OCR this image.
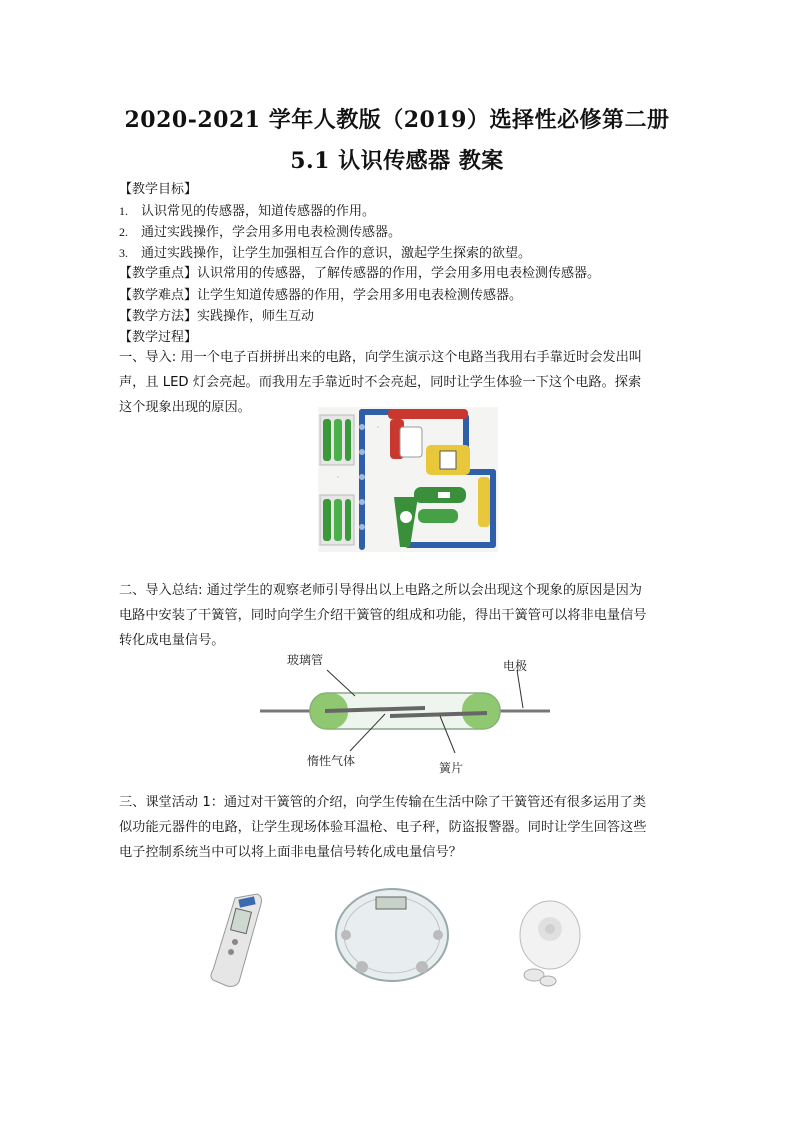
2020-2021 学年人教版（2019）选择性必修第二册
5.1 认识传感器 教案
【教学目标】
1. 认识常见的传感器，知道传感器的作用。
2. 通过实践操作，学会用多用电表检测传感器。
3. 通过实践操作，让学生加强相互合作的意识，激起学生探索的欲望。
【教学重点】认识常用的传感器，了解传感器的作用，学会用多用电表检测传感器。
【教学难点】让学生知道传感器的作用，学会用多用电表检测传感器。
【教学方法】实践操作，师生互动
【教学过程】
一、导入: 用一个电子百拼拼出来的电路，向学生演示这个电路当我用右手靠近时会发出叫
声，且 LED 灯会亮起。而我用左手靠近时不会亮起，同时让学生体验一下这个电路。探索
这个现象出现的原因。
二、导入总结: 通过学生的观察老师引导得出以上电路之所以会出现这个现象的原因是因为
电路中安装了干簧管，同时向学生介绍干簧管的组成和功能，得出干簧管可以将非电量信号
转化成电量信号。
玻璃管	电极
惰性气体	簧片
三、课堂活动 1：通过对干簧管的介绍，向学生传输在生活中除了干簧管还有很多运用了类
似功能元器件的电路，让学生现场体验耳温枪、电子秤，防盗报警器。同时让学生回答这些
电子控制系统当中可以将上面非电量信号转化成电量信号？
